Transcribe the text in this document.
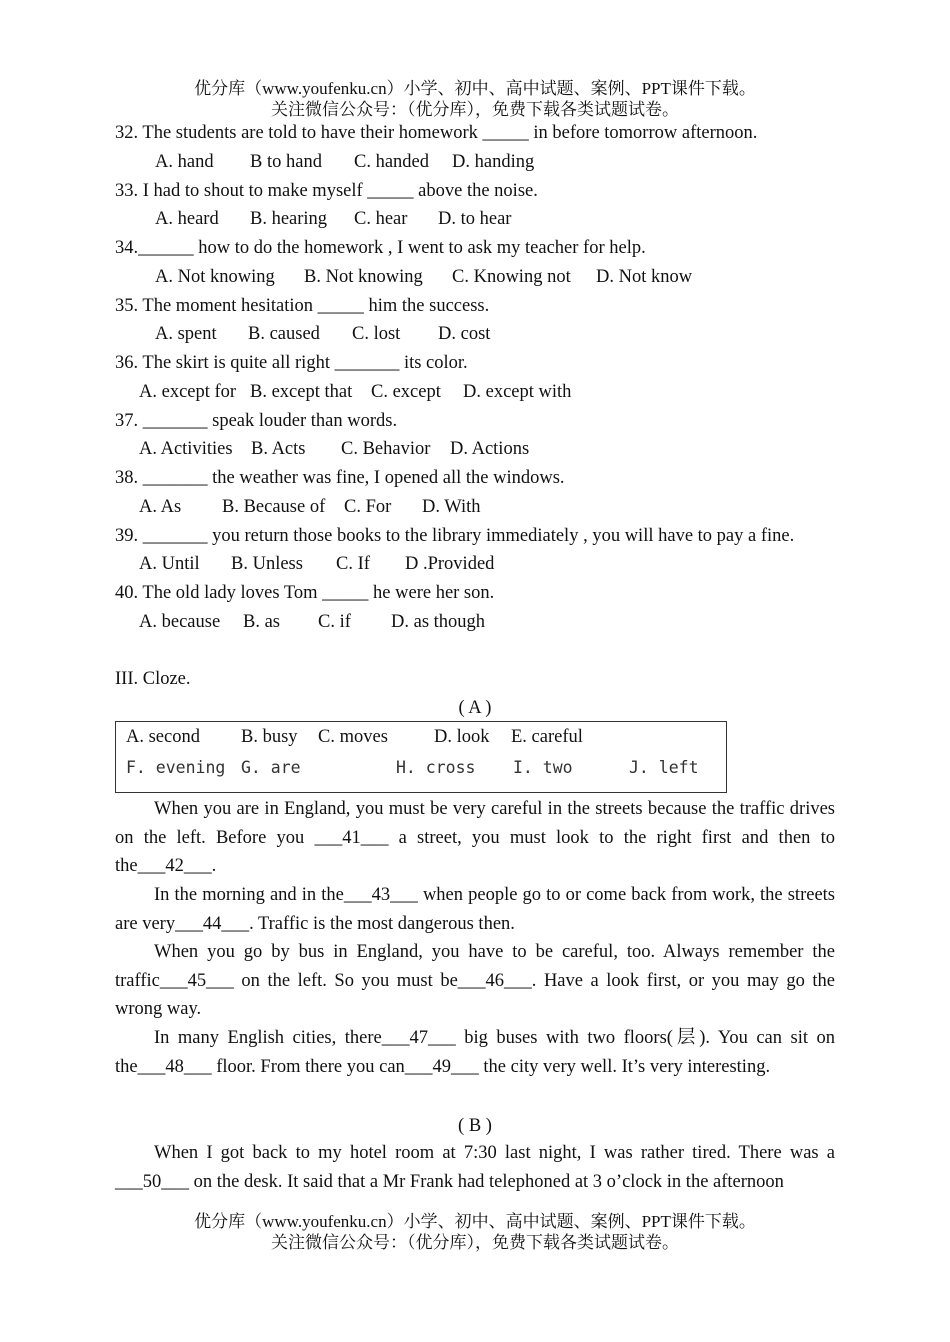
优分库（www.youfenku.cn）小学、初中、高中试题、案例、PPT课件下载。
关注微信公众号：（优分库），免费下载各类试题试卷。
32. The students are told to have their homework _____ in before tomorrow afternoon.
A. hand B to hand C. handed D. handing
33. I had to shout to make myself _____ above the noise.
A. heard B. hearing C. hear D. to hear
34.______ how to do the homework , I went to ask my teacher for help.
A. Not knowing B. Not knowing C. Knowing not D. Not know
35. The moment hesitation _____ him the success.
A. spent B. caused C. lost D. cost
36. The skirt is quite all right _______ its color.
A. except for B. except that C. except D. except with
37. _______ speak louder than words.
A. Activities B. Acts C. Behavior D. Actions
38. _______ the weather was fine, I opened all the windows.
A. As B. Because of C. For D. With
39. _______ you return those books to the library immediately , you will have to pay a fine.
A. Until B. Unless C. If D .Provided
40. The old lady loves Tom _____ he were her son.
A. because B. as C. if D. as though
III. Cloze.
( A )
A. second B. busy C. moves D. look E. careful
F. evening G. are	H. cross I. two	J. left
When you are in England, you must be very careful in the streets because the traffic drives on the left. Before you ___41___ a street, you must look to the right first and then to the___42___.
In the morning and in the___43___ when people go to or come back from work, the streets are very___44___. Traffic is the most dangerous then.
When you go by bus in England, you have to be careful, too. Always remember the traffic___45___ on the left. So you must be___46___. Have a look first, or you may go the wrong way.
In many English cities, there___47___ big buses with two floors(层). You can sit on the___48___ floor. From there you can___49___ the city very well. It’s very interesting.
( B )
When I got back to my hotel room at 7:30 last night, I was rather tired. There was a ___50___ on the desk. It said that a Mr Frank had telephoned at 3 o’clock in the afternoon
优分库（www.youfenku.cn）小学、初中、高中试题、案例、PPT课件下载。
关注微信公众号：（优分库），免费下载各类试题试卷。
